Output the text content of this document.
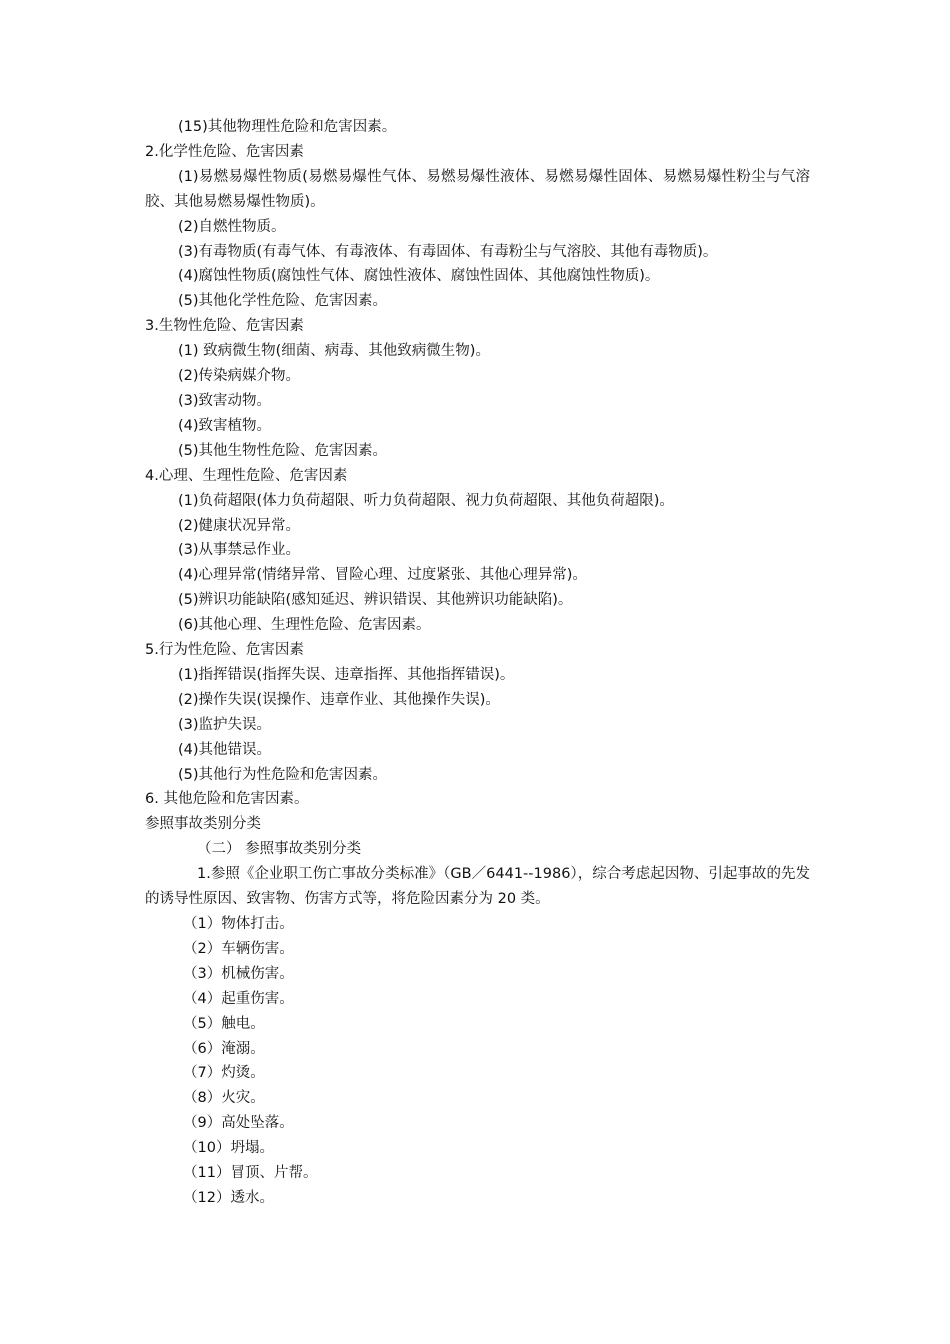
(15)其他物理性危险和危害因素。
2.化学性危险、危害因素
(1)易燃易爆性物质(易燃易爆性气体、易燃易爆性液体、易燃易爆性固体、易燃易爆性粉尘与气溶胶、其他易燃易爆性物质)。
(2)自燃性物质。
(3)有毒物质(有毒气体、有毒液体、有毒固体、有毒粉尘与气溶胶、其他有毒物质)。
(4)腐蚀性物质(腐蚀性气体、腐蚀性液体、腐蚀性固体、其他腐蚀性物质)。
(5)其他化学性危险、危害因素。
3.生物性危险、危害因素
(1) 致病微生物(细菌、病毒、其他致病微生物)。
(2)传染病媒介物。
(3)致害动物。
(4)致害植物。
(5)其他生物性危险、危害因素。
4.心理、生理性危险、危害因素
(1)负荷超限(体力负荷超限、听力负荷超限、视力负荷超限、其他负荷超限)。
(2)健康状况异常。
(3)从事禁忌作业。
(4)心理异常(情绪异常、冒险心理、过度紧张、其他心理异常)。
(5)辨识功能缺陷(感知延迟、辨识错误、其他辨识功能缺陷)。
(6)其他心理、生理性危险、危害因素。
5.行为性危险、危害因素
(1)指挥错误(指挥失误、违章指挥、其他指挥错误)。
(2)操作失误(误操作、违章作业、其他操作失误)。
(3)监护失误。
(4)其他错误。
(5)其他行为性危险和危害因素。
6. 其他危险和危害因素。
参照事故类别分类
（二） 参照事故类别分类
1.参照《企业职工伤亡事故分类标准》（GB／6441--1986），综合考虑起因物、引起事故的先发的诱导性原因、致害物、伤害方式等，将危险因素分为 20 类。
（1）物体打击。
（2）车辆伤害。
（3）机械伤害。
（4）起重伤害。
（5）触电。
（6）淹溺。
（7）灼烫。
（8）火灾。
（9）高处坠落。
（10）坍塌。
（11）冒顶、片帮。
（12）透水。
